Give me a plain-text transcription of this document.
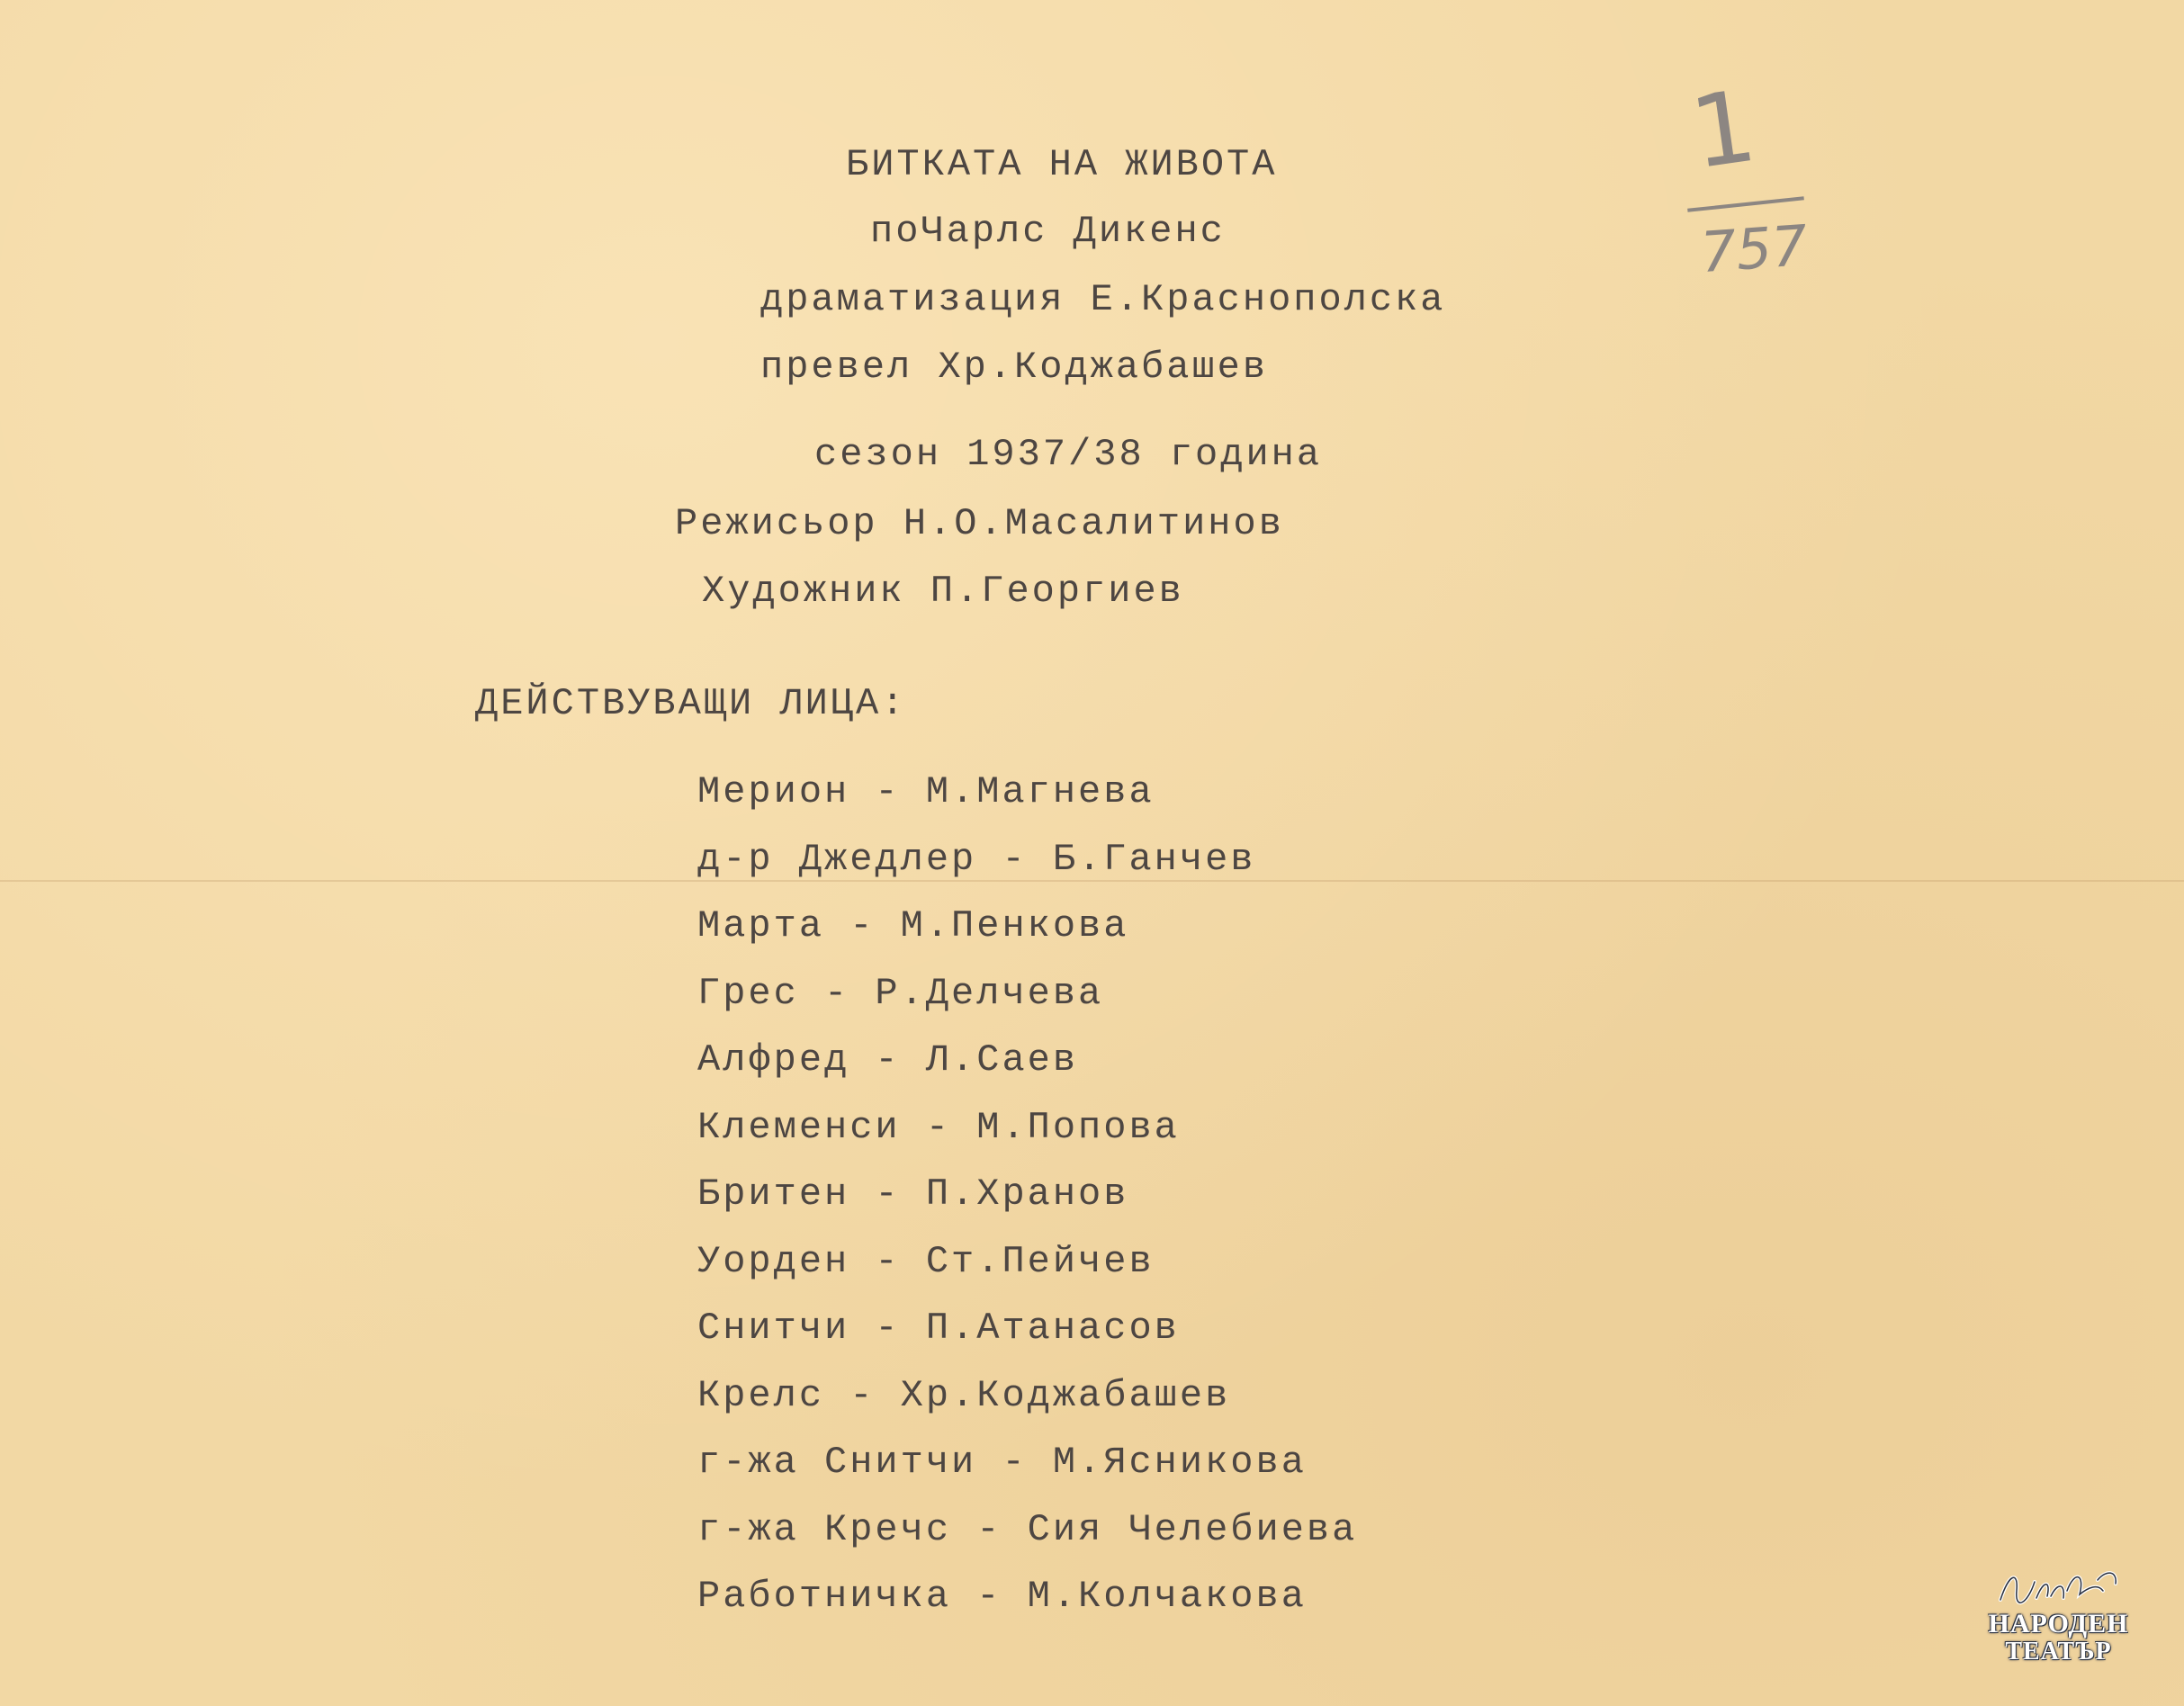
БИТКАТА НА ЖИВОТА
поЧарлс Дикенс
драматизация Е.Краснополска
превел Хр.Коджабашев
сезон 1937/38 година
Режисьор Н.О.Масалитинов
Художник П.Георгиев
ДЕЙСТВУВАЩИ ЛИЦА:
Мерион - М.Магнева
д-р Джедлер - Б.Ганчев
Марта - М.Пенкова
Грес - Р.Делчева
Алфред - Л.Саев
Клеменси - М.Попова
Бритен - П.Хранов
Уорден - Ст.Пейчев
Снитчи - П.Атанасов
Крелс - Хр.Коджабашев
г-жа Снитчи - М.Ясникова
г-жа Кречс - Сия Челебиева
Работничка - М.Колчакова
1
757
НАРОДЕН
ТЕАТЪР
